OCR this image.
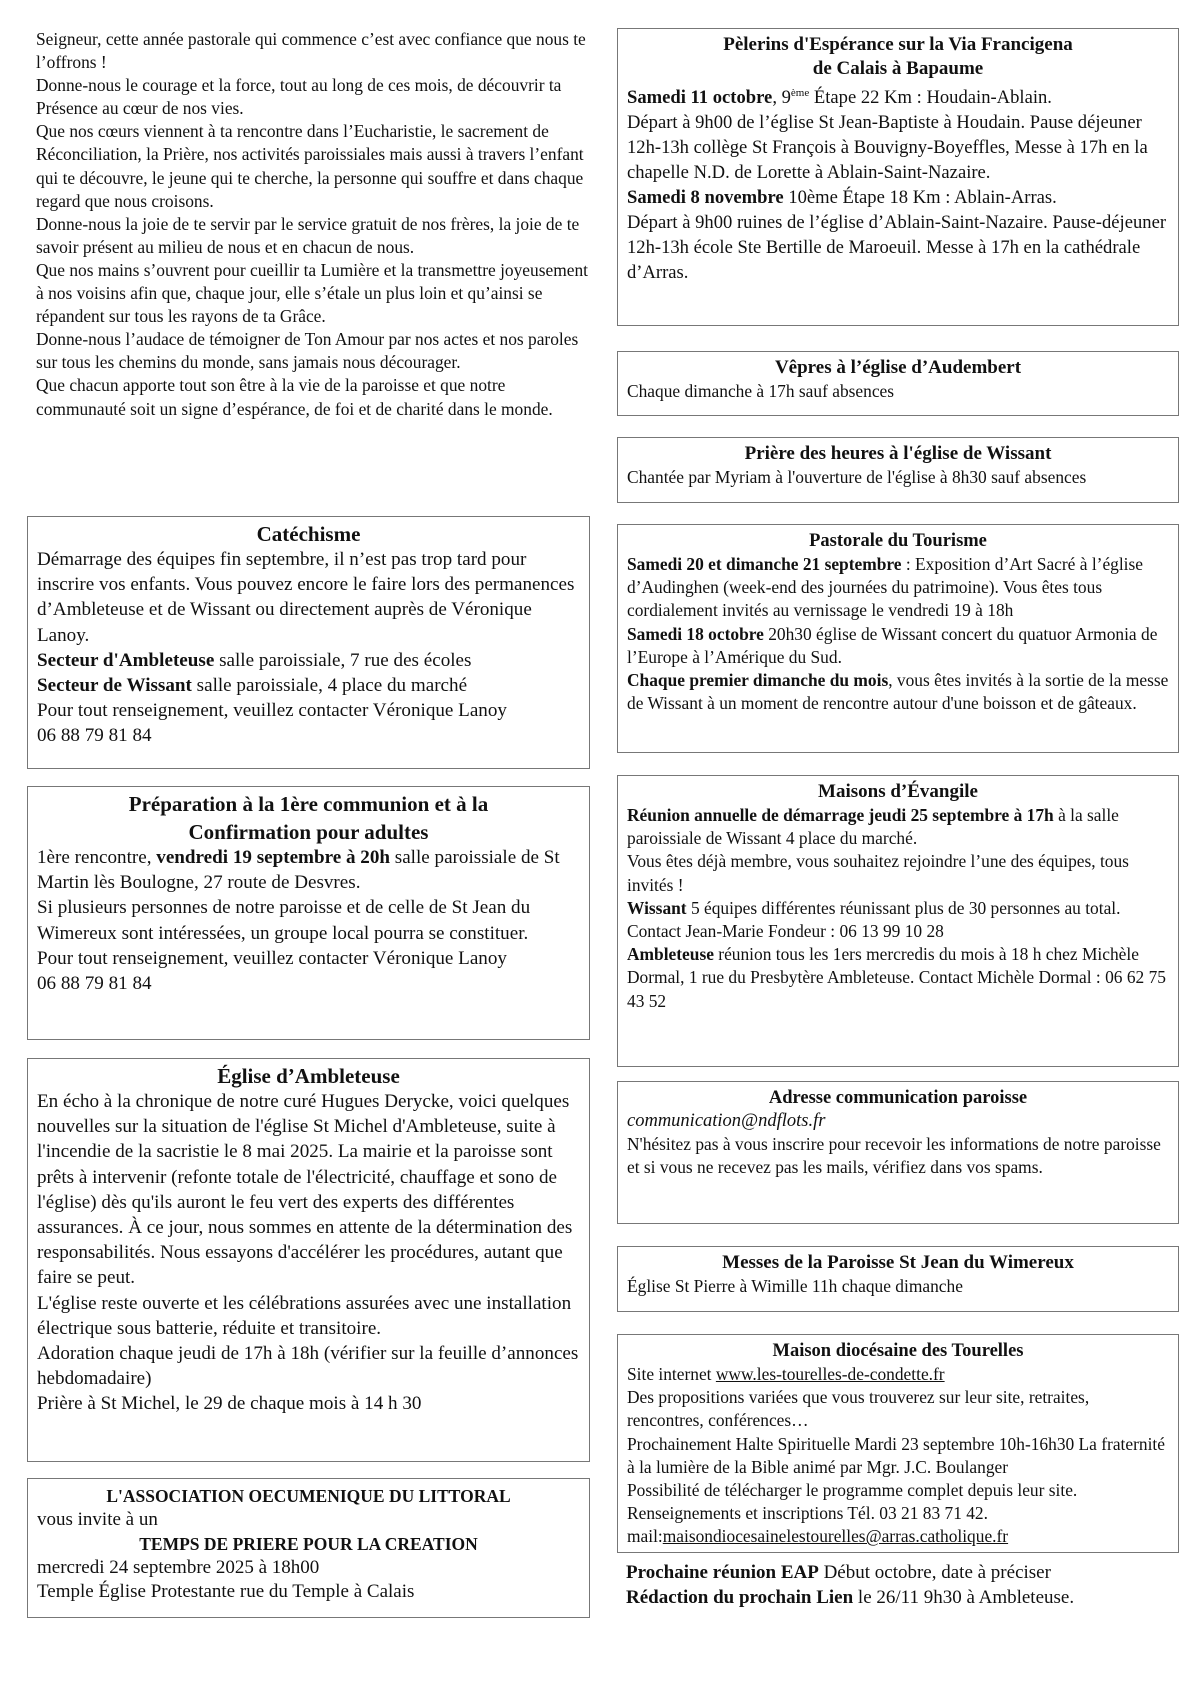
Seigneur, cette année pastorale qui commence c’est avec confiance que nous te l’offrons !

Donne-nous le courage et la force, tout au long de ces mois, de découvrir ta Présence au cœur de nos vies.

Que nos cœurs viennent à ta rencontre dans l’Eucharistie, le sacrement de Réconciliation, la Prière, nos activités paroissiales mais aussi à travers l’enfant qui te découvre, le jeune qui te cherche, la personne qui souffre et dans chaque regard que nous croisons.

Donne-nous la joie de te servir par le service gratuit de nos frères, la joie de te savoir présent au milieu de nous et en chacun de nous.

Que nos mains s’ouvrent pour cueillir ta Lumière et la transmettre joyeusement à nos voisins afin que, chaque jour, elle s’étale un plus loin et qu’ainsi se répandent sur tous les rayons de ta Grâce.

Donne-nous l’audace de témoigner de Ton Amour par nos actes et nos paroles sur tous les chemins du monde, sans jamais nous décourager.

Que chacun apporte tout son être à la vie de la paroisse et que notre communauté soit un signe d’espérance, de foi et de charité dans le monde.

Catéchisme

Démarrage des équipes fin septembre, il n’est pas trop tard pour inscrire vos enfants. Vous pouvez encore le faire lors des permanences d’Ambleteuse et de Wissant ou directement auprès de Véronique Lanoy.

Secteur d'Ambleteuse salle paroissiale, 7 rue des écoles

Secteur de Wissant salle paroissiale, 4 place du marché

Pour tout renseignement, veuillez contacter Véronique Lanoy

06 88 79 81 84

Préparation à la 1ère communion et à la
Confirmation pour adultes

1ère rencontre, vendredi 19 septembre à 20h salle paroissiale de St Martin lès Boulogne, 27 route de Desvres.

Si plusieurs personnes de notre paroisse et de celle de St Jean du Wimereux sont intéressées, un groupe local pourra se constituer.

Pour tout renseignement, veuillez contacter Véronique Lanoy

06 88 79 81 84

Église d’Ambleteuse

En écho à la chronique de notre curé Hugues Derycke, voici quelques nouvelles sur la situation de l'église St Michel d'Ambleteuse, suite à l'incendie de la sacristie le 8 mai 2025. La mairie et la paroisse sont prêts à intervenir (refonte totale de l'électricité, chauffage et sono de l'église) dès qu'ils auront le feu vert des experts des différentes assurances. À ce jour, nous sommes en attente de la détermination des responsabilités. Nous essayons d'accélérer les procédures, autant que faire se peut.

L'église reste ouverte et les célébrations assurées avec une installation électrique sous batterie, réduite et transitoire.

Adoration chaque jeudi de 17h à 18h (vérifier sur la feuille d’annonces hebdomadaire)

Prière à St Michel, le 29 de chaque mois à 14 h 30

L'ASSOCIATION OECUMENIQUE DU LITTORAL

vous invite à un

TEMPS DE PRIERE POUR LA CREATION

mercredi 24 septembre 2025 à 18h00

Temple Église Protestante rue du Temple à Calais

Pèlerins d'Espérance sur la Via Francigena
de Calais à Bapaume

Samedi 11 octobre, 9ème Étape 22 Km : Houdain-Ablain.

Départ à 9h00 de l’église St Jean-Baptiste à Houdain. Pause déjeuner 12h-13h collège St François à Bouvigny-Boyeffles, Messe à 17h en la chapelle N.D. de Lorette à Ablain-Saint-Nazaire.

Samedi 8 novembre 10ème Étape 18 Km : Ablain-Arras.

Départ à 9h00 ruines de l’église d’Ablain-Saint-Nazaire. Pause-déjeuner 12h-13h école Ste Bertille de Maroeuil. Messe à 17h en la cathédrale d’Arras.

Vêpres à l’église d’Audembert

Chaque dimanche à 17h sauf absences

Prière des heures à l'église de Wissant

Chantée par Myriam à l'ouverture de l'église à 8h30 sauf absences

Pastorale du Tourisme

Samedi 20 et dimanche 21 septembre : Exposition d’Art Sacré à l’église d’Audinghen (week-end des journées du patrimoine). Vous êtes tous cordialement invités au vernissage le vendredi 19 à 18h

Samedi 18 octobre 20h30 église de Wissant concert du quatuor Armonia de l’Europe à l’Amérique du Sud.

Chaque premier dimanche du mois, vous êtes invités à la sortie de la messe de Wissant à un moment de rencontre autour d'une boisson et de gâteaux.

Maisons d’Évangile

Réunion annuelle de démarrage jeudi 25 septembre à 17h à la salle paroissiale de Wissant 4 place du marché.

Vous êtes déjà membre, vous souhaitez rejoindre l’une des équipes, tous invités !

Wissant 5 équipes différentes réunissant plus de 30 personnes au total.

Contact Jean-Marie Fondeur : 06 13 99 10 28

Ambleteuse réunion tous les 1ers mercredis du mois à 18 h chez Michèle Dormal, 1 rue du Presbytère Ambleteuse. Contact Michèle Dormal : 06 62 75 43 52

Adresse communication paroisse

communication@ndflots.fr

N'hésitez pas à vous inscrire pour recevoir les informations de notre paroisse et si vous ne recevez pas les mails, vérifiez dans vos spams.

Messes de la Paroisse St Jean du Wimereux

Église St Pierre à Wimille 11h chaque dimanche

Maison diocésaine des Tourelles

Site internet www.les-tourelles-de-condette.fr

Des propositions variées que vous trouverez sur leur site, retraites, rencontres, conférences…

Prochainement Halte Spirituelle Mardi 23 septembre 10h-16h30 La fraternité à la lumière de la Bible animé par Mgr. J.C. Boulanger

Possibilité de télécharger le programme complet depuis leur site.

Renseignements et inscriptions Tél. 03 21 83 71 42.

mail:maisondiocesainelestourelles@arras.catholique.fr

Prochaine réunion EAP Début octobre, date à préciser
Rédaction du prochain Lien le 26/11 9h30 à Ambleteuse.
